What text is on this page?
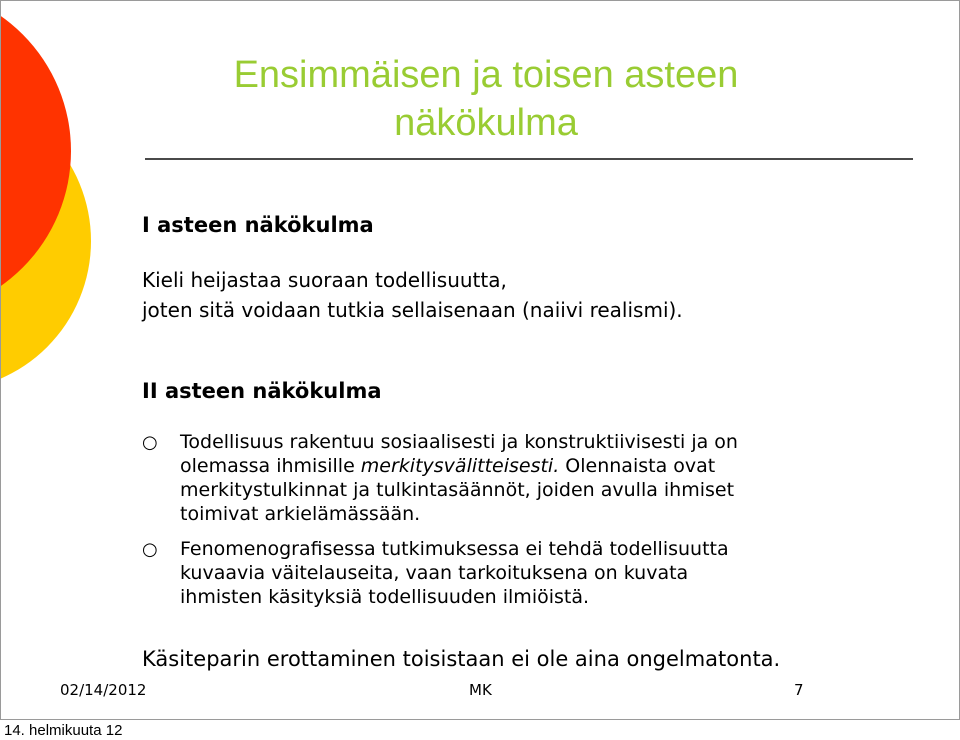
Ensimmäisen ja toisen asteen
näkökulma
I asteen näkökulma
Kieli heijastaa suoraan todellisuutta,
joten sitä voidaan tutkia sellaisenaan (naiivi realismi).
II asteen näkökulma
○ Todellisuus rakentuu sosiaalisesti ja konstruktiivisesti ja on
olemassa ihmisille merkitysvälitteisesti. Olennaista ovat
merkitystulkinnat ja tulkintasäännöt, joiden avulla ihmiset
toimivat arkielämässään.
○ Fenomenografisessa tutkimuksessa ei tehdä todellisuutta
kuvaavia väitelauseita, vaan tarkoituksena on kuvata
ihmisten käsityksiä todellisuuden ilmiöistä.
Käsiteparin erottaminen toisistaan ei ole aina ongelmatonta.
02/14/2012	MK	7
14. helmikuuta 12
